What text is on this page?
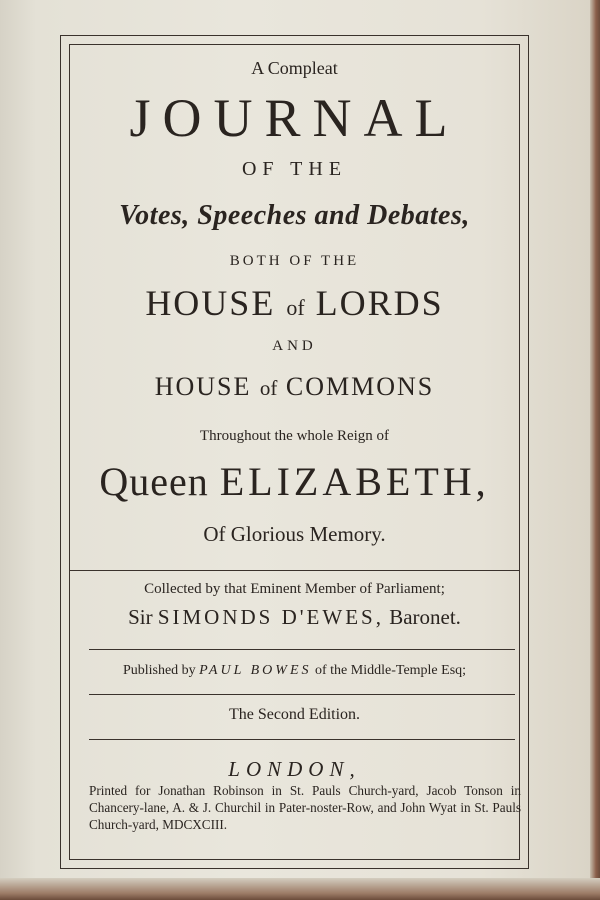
A Compleat
JOURNAL
OF THE
Votes, Speeches and Debates,
BOTH OF THE
HOUSE of LORDS
AND
HOUSE of COMMONS
Throughout the whole Reign of
Queen ELIZABETH,
Of Glorious Memory.
Collected by that Eminent Member of Parliament;
Sir SIMONDS D'EWES, Baronet.
Published by PAUL BOWES of the Middle-Temple Esq;
The Second Edition.
LONDON,
Printed for Jonathan Robinson in St. Pauls Church-yard, Jacob Tonson in Chancery-lane, A. & J. Churchil in Pater-noster-Row, and John Wyat in St. Pauls Church-yard, MDCXCIII.
